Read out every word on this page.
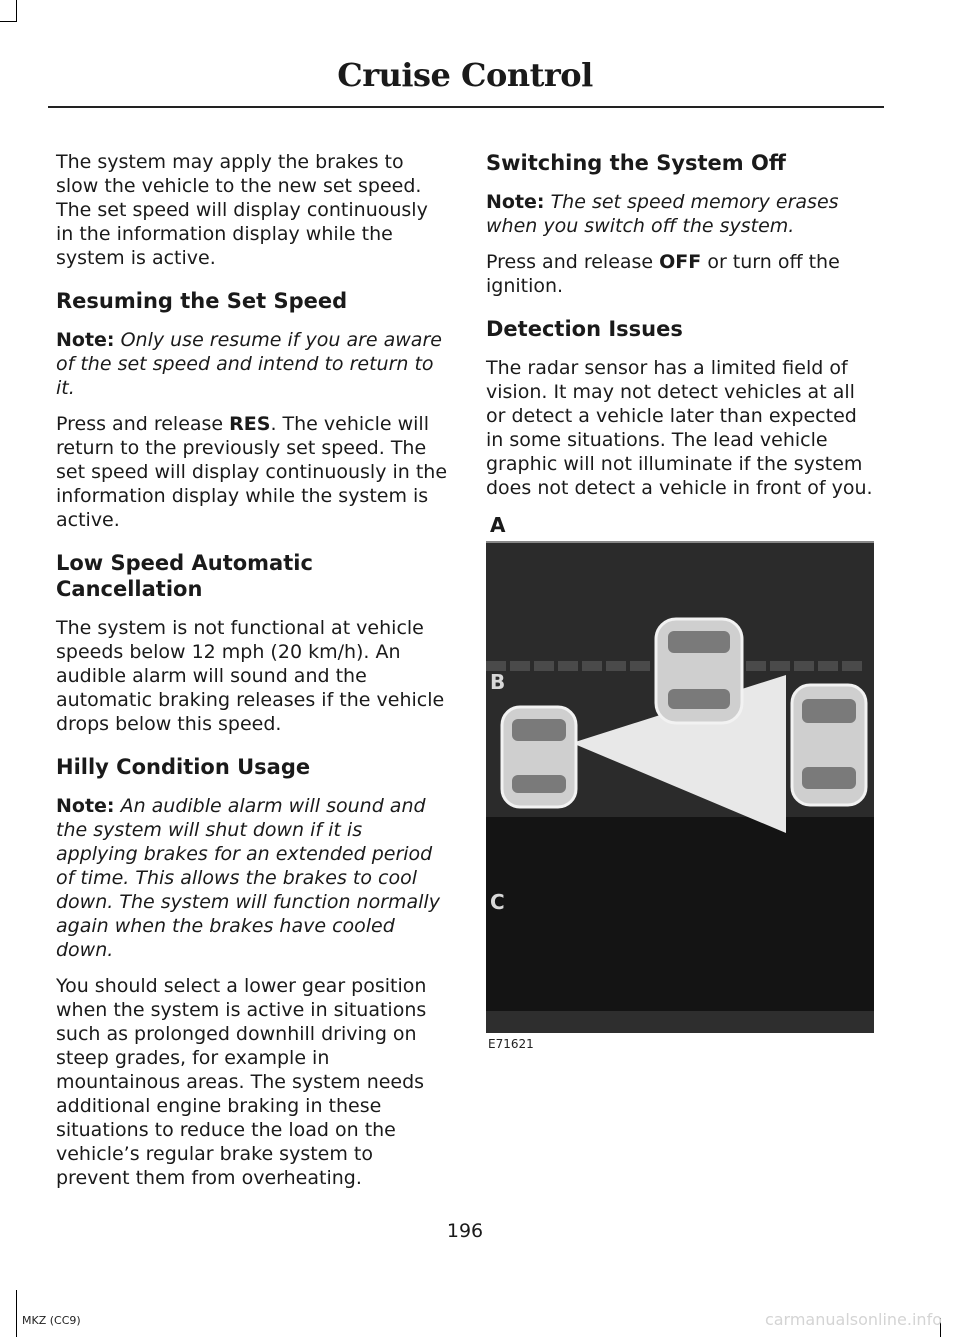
Cruise Control

The system may apply the brakes to slow the vehicle to the new set speed. The set speed will display continuously in the information display while the system is active.

Resuming the Set Speed

Note: Only use resume if you are aware of the set speed and intend to return to it.

Press and release RES. The vehicle will return to the previously set speed. The set speed will display continuously in the information display while the system is active.

Low Speed Automatic Cancellation

The system is not functional at vehicle speeds below 12 mph (20 km/h). An audible alarm will sound and the automatic braking releases if the vehicle drops below this speed.

Hilly Condition Usage

Note: An audible alarm will sound and the system will shut down if it is applying brakes for an extended period of time. This allows the brakes to cool down. The system will function normally again when the brakes have cooled down.

You should select a lower gear position when the system is active in situations such as prolonged downhill driving on steep grades, for example in mountainous areas. The system needs additional engine braking in these situations to reduce the load on the vehicle’s regular brake system to prevent them from overheating.

Switching the System Off

Note: The set speed memory erases when you switch off the system.

Press and release OFF or turn off the ignition.

Detection Issues

The radar sensor has a limited field of vision. It may not detect vehicles at all or detect a vehicle later than expected in some situations. The lead vehicle graphic will not illuminate if the system does not detect a vehicle in front of you.

A
B
C
E71621
196
MKZ (CC9)	carmanualsonline.info
